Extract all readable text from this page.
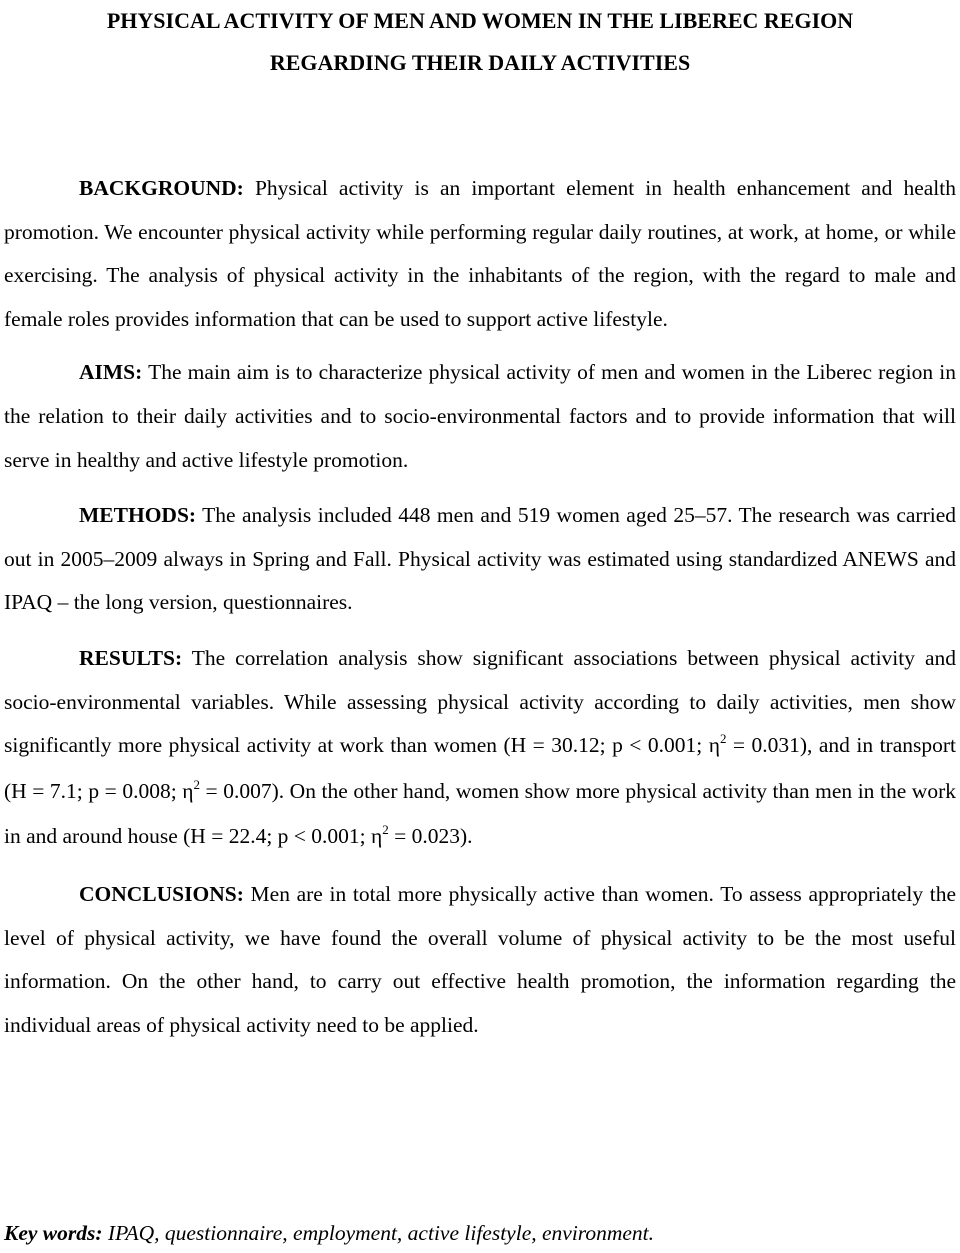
PHYSICAL ACTIVITY OF MEN AND WOMEN IN THE LIBEREC REGION
REGARDING THEIR DAILY ACTIVITIES

BACKGROUND: Physical activity is an important element in health enhancement and health promotion. We encounter physical activity while performing regular daily routines, at work, at home, or while exercising. The analysis of physical activity in the inhabitants of the region, with the regard to male and female roles provides information that can be used to support active lifestyle.

AIMS: The main aim is to characterize physical activity of men and women in the Liberec region in the relation to their daily activities and to socio-environmental factors and to provide information that will serve in healthy and active lifestyle promotion.

METHODS: The analysis included 448 men and 519 women aged 25–57. The research was carried out in 2005–2009 always in Spring and Fall. Physical activity was estimated using standardized ANEWS and IPAQ – the long version, questionnaires.

RESULTS: The correlation analysis show significant associations between physical activity and socio-environmental variables. While assessing physical activity according to daily activities, men show significantly more physical activity at work than women (H = 30.12; p < 0.001; $\eta^2 = 0.031$), and in transport (H = 7.1; p = 0.008; $\eta^2 = 0.007$). On the other hand, women show more physical activity than men in the work in and around house (H = 22.4; p < 0.001; $\eta^2 = 0.023$).

CONCLUSIONS: Men are in total more physically active than women. To assess appropriately the level of physical activity, we have found the overall volume of physical activity to be the most useful information. On the other hand, to carry out effective health promotion, the information regarding the individual areas of physical activity need to be applied.

Key words: IPAQ, questionnaire, employment, active lifestyle, environment.
